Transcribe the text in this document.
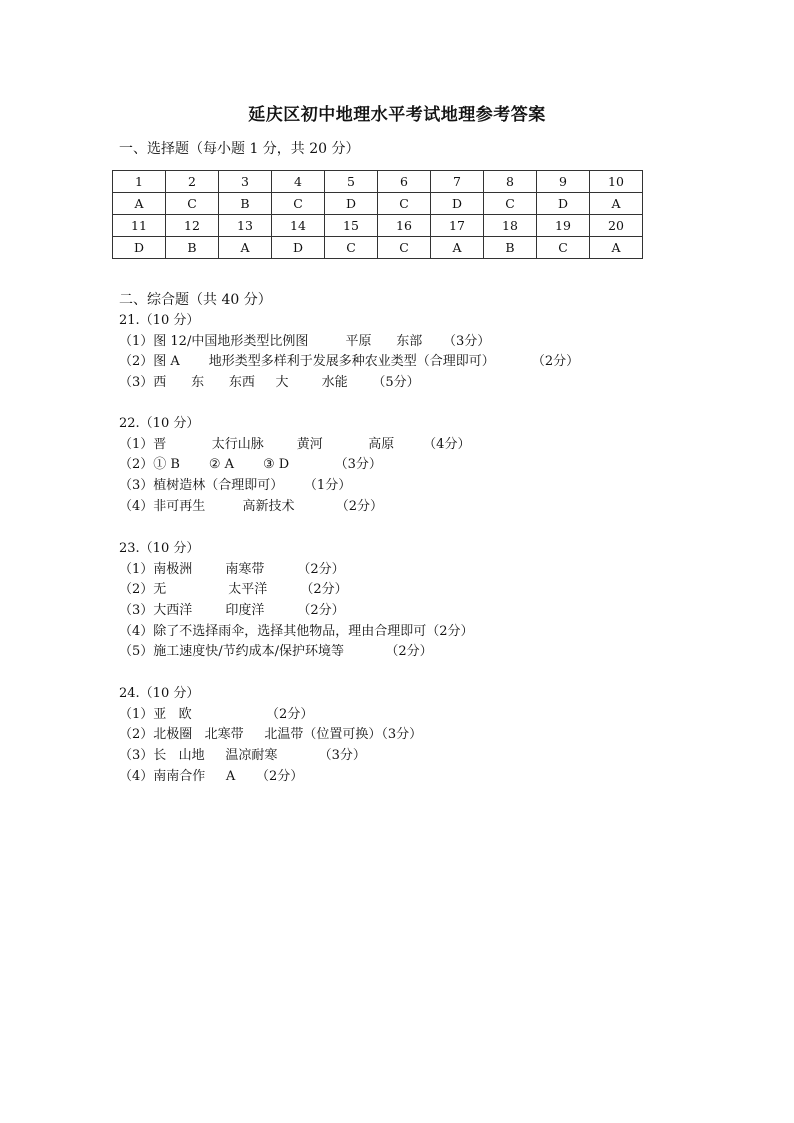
延庆区初中地理水平考试地理参考答案
一、选择题（每小题 1 分，共 20 分）
1	2	3	4	5	6	7	8	9	10
A	C	B	C	D	C	D	C	D	A
11	12	13	14	15	16	17	18	19	20
D	B	A	D	C	C	A	B	C	A
二、综合题（共 40 分）
21.（10 分）
（1）图 12/中国地形类型比例图         平原      东部     （3分）
（2）图 A       地形类型多样利于发展多种农业类型（合理即可）         （2分）
（3）西      东      东西     大        水能      （5分）
22.（10 分）
（1）晋           太行山脉        黄河           高原       （4分）
（2）① B       ② A       ③ D           （3分）
（3）植树造林（合理即可）     （1分）
（4）非可再生         高新技术          （2分）
23.（10 分）
（1）南极洲        南寒带        （2分）
（2）无               太平洋        （2分）
（3）大西洋        印度洋        （2分）
（4）除了不选择雨伞，选择其他物品，理由合理即可（2分）
（5）施工速度快/节约成本/保护环境等          （2分）
24.（10 分）
（1）亚   欧                  （2分）
（2）北极圈   北寒带     北温带（位置可换）（3分）
（3）长   山地     温凉耐寒          （3分）
（4）南南合作     A     （2分）
